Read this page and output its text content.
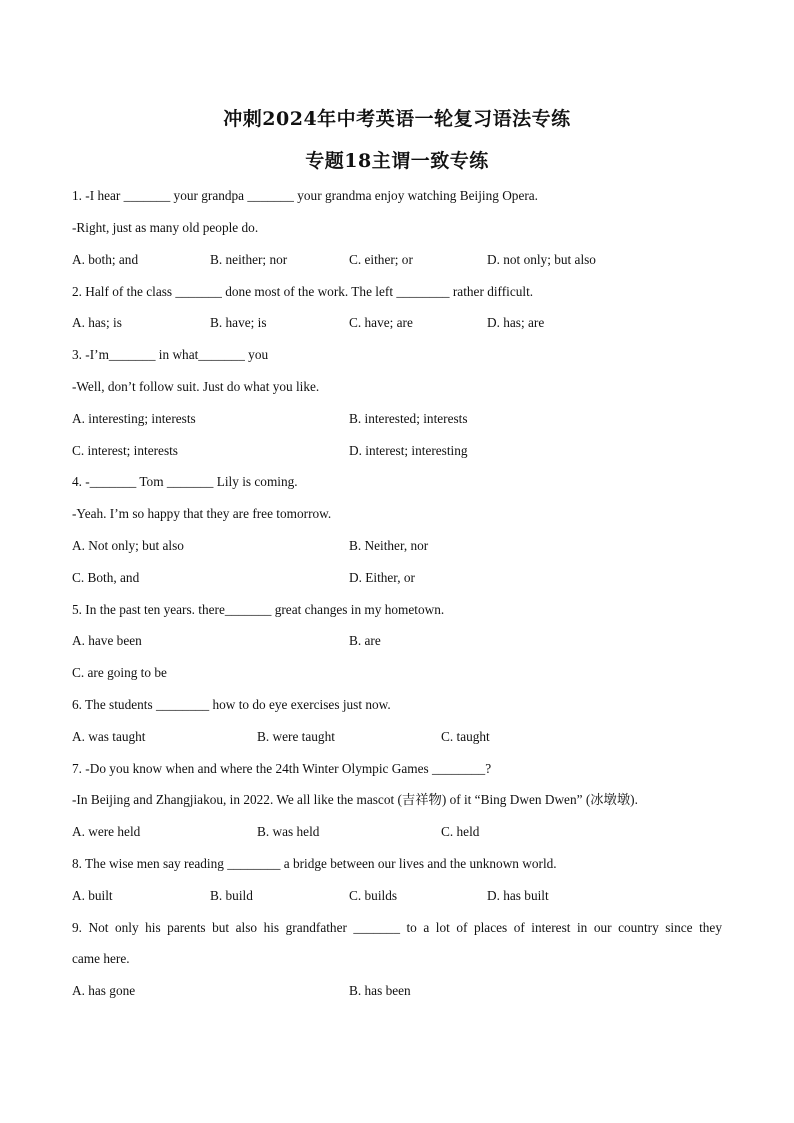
冲刺2024年中考英语一轮复习语法专练
专题18主谓一致专练
1. -I hear _______ your grandpa _______ your grandma enjoy watching Beijing Opera.
-Right, just as many old people do.
A. both; and	B. neither; nor	C. either; or	D. not only; but also
2. Half of the class _______ done most of the work. The left ________ rather difficult.
A. has; is	B. have; is	C. have; are	D. has; are
3. -I’m_______ in what_______ you
-Well, don’t follow suit. Just do what you like.
A. interesting; interests	B. interested; interests
C. interest; interests	D. interest; interesting
4. -_______ Tom _______ Lily is coming.
-Yeah. I’m so happy that they are free tomorrow.
A. Not only; but also	B. Neither, nor
C. Both, and	D. Either, or
5. In the past ten years. there_______ great changes in my hometown.
A. have been	B. are
C. are going to be
6. The students ________ how to do eye exercises just now.
A. was taught	B. were taught	C. taught
7. -Do you know when and where the 24th Winter Olympic Games ________?
-In Beijing and Zhangjiakou, in 2022. We all like the mascot (吉祥物) of it “Bing Dwen Dwen” (冰墩墩).
A. were held	B. was held	C. held
8. The wise men say reading ________ a bridge between our lives and the unknown world.
A. built	B. build	C. builds	D. has built
9. Not only his parents but also his grandfather _______ to a lot of places of interest in our country since they
came here.
A. has gone	B. has been
